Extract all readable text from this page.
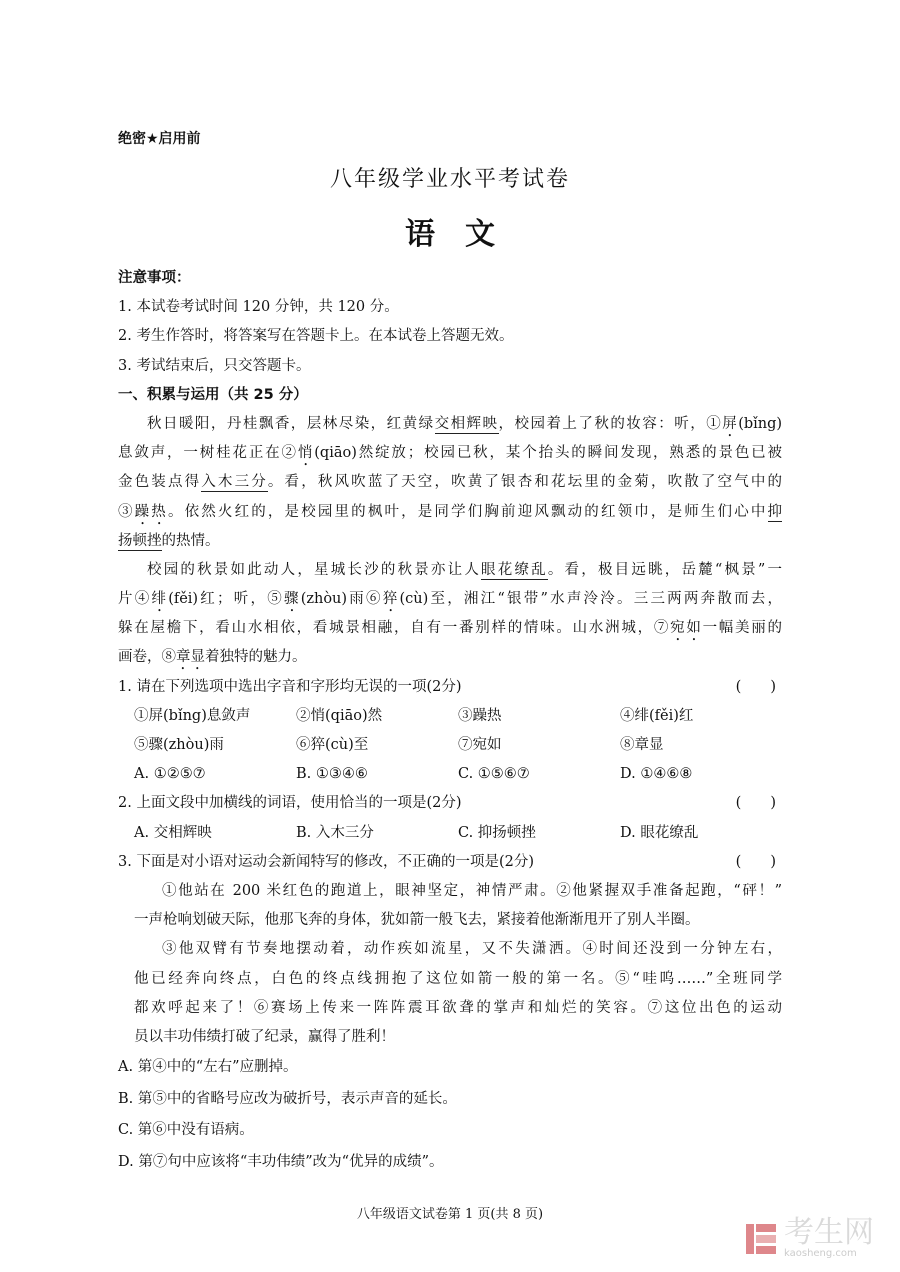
绝密★启用前
八年级学业水平考试卷
语　文
注意事项：
1. 本试卷考试时间 120 分钟，共 120 分。
2. 考生作答时，将答案写在答题卡上。在本试卷上答题无效。
3. 考试结束后，只交答题卡。
一、积累与运用（共 25 分）
秋日暖阳，丹桂飘香，层林尽染，红黄绿交相辉映，校园着上了秋的妆容：听，①屏(bǐng)
息敛声，一树桂花正在②悄(qiāo)然绽放；校园已秋，某个抬头的瞬间发现，熟悉的景色已被
金色装点得入木三分。看，秋风吹蓝了天空，吹黄了银杏和花坛里的金菊，吹散了空气中的
③躁热。依然火红的，是校园里的枫叶，是同学们胸前迎风飘动的红领巾，是师生们心中抑
扬顿挫的热情。
校园的秋景如此动人，星城长沙的秋景亦让人眼花缭乱。看，极目远眺，岳麓“枫景”一
片④绯(fěi)红；听，⑤骤(zhòu)雨⑥猝(cù)至，湘江“银带”水声泠泠。三三两两奔散而去，
躲在屋檐下，看山水相依，看城景相融，自有一番别样的情味。山水洲城，⑦宛如一幅美丽的
画卷，⑧章显着独特的魅力。
1. 请在下列选项中选出字音和字形均无误的一项(2分)	(　　)
①屏(bǐng)息敛声	②悄(qiāo)然	③躁热	④绯(fěi)红
⑤骤(zhòu)雨	⑥猝(cù)至	⑦宛如	⑧章显
A. ①②⑤⑦	B. ①③④⑥	C. ①⑤⑥⑦	D. ①④⑥⑧
2. 上面文段中加横线的词语，使用恰当的一项是(2分)	(　　)
A. 交相辉映	B. 入木三分	C. 抑扬顿挫	D. 眼花缭乱
3. 下面是对小语对运动会新闻特写的修改，不正确的一项是(2分)	(　　)
①他站在 200 米红色的跑道上，眼神坚定，神情严肃。②他紧握双手准备起跑，“砰！”
一声枪响划破天际，他那飞奔的身体，犹如箭一般飞去，紧接着他渐渐甩开了别人半圈。
③他双臂有节奏地摆动着，动作疾如流星，又不失潇洒。④时间还没到一分钟左右，
他已经奔向终点，白色的终点线拥抱了这位如箭一般的第一名。⑤“哇呜……”全班同学
都欢呼起来了！⑥赛场上传来一阵阵震耳欲聋的掌声和灿烂的笑容。⑦这位出色的运动
员以丰功伟绩打破了纪录，赢得了胜利！
A. 第④中的“左右”应删掉。
B. 第⑤中的省略号应改为破折号，表示声音的延长。
C. 第⑥中没有语病。
D. 第⑦句中应该将“丰功伟绩”改为“优异的成绩”。
八年级语文试卷第 1 页(共 8 页)
考生网
kaosheng.com
